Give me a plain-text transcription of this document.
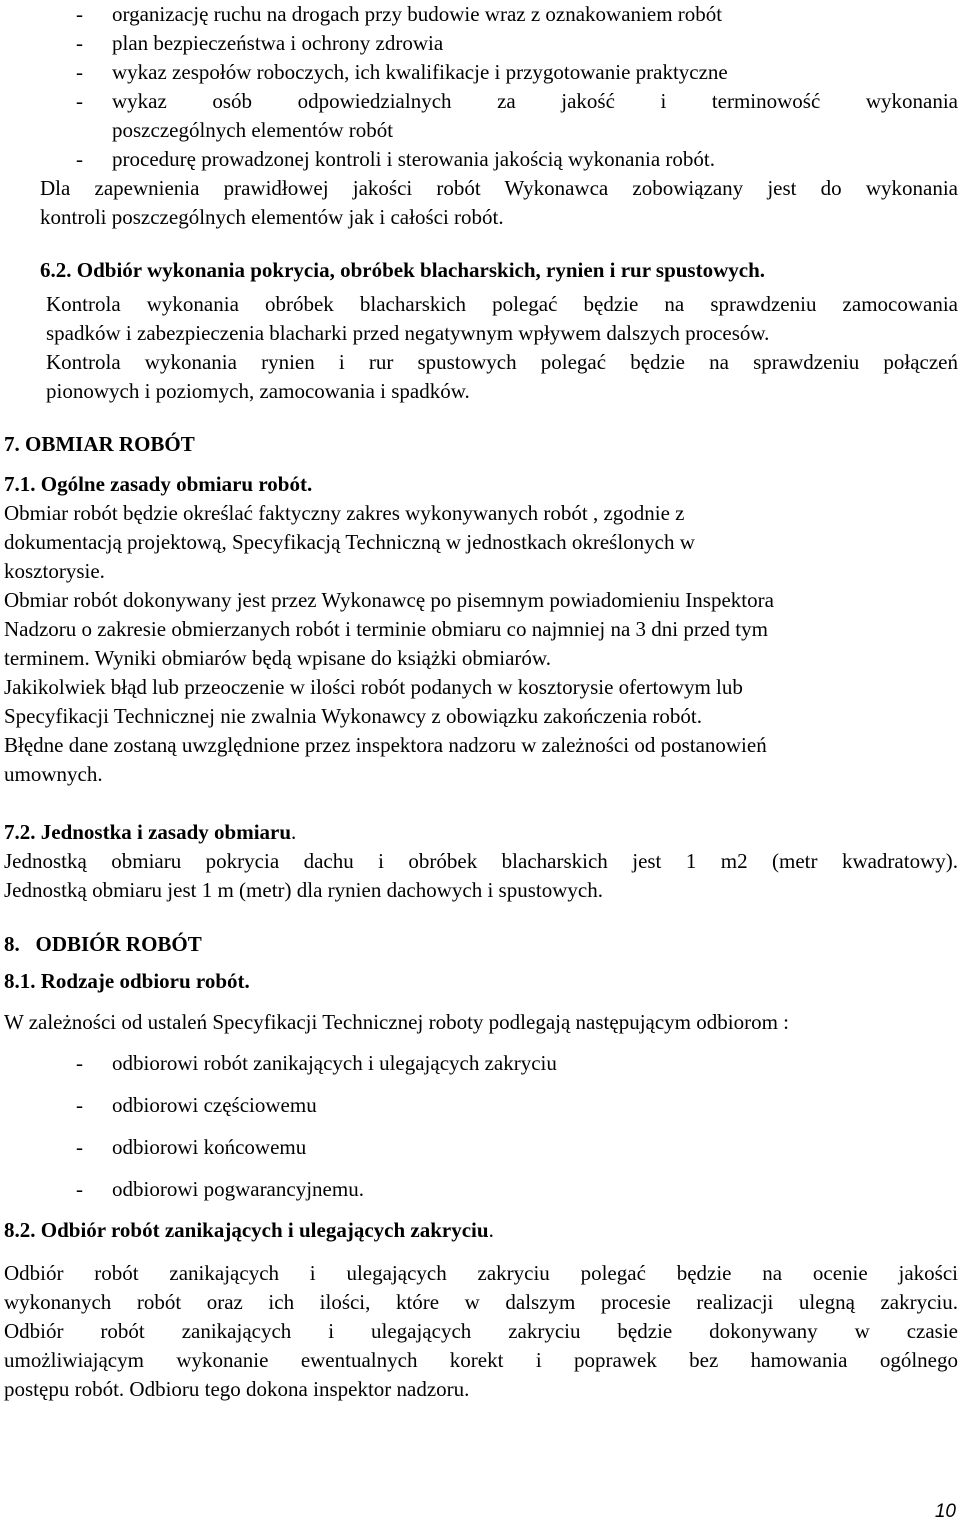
- organizację ruchu na drogach przy budowie wraz z oznakowaniem robót
- plan bezpieczeństwa i ochrony zdrowia
- wykaz zespołów roboczych, ich kwalifikacje i przygotowanie praktyczne
- wykaz osób odpowiedzialnych za jakość i terminowość wykonania
poszczególnych elementów robót
- procedurę prowadzonej kontroli i sterowania jakością wykonania robót.
Dla zapewnienia prawidłowej jakości robót Wykonawca zobowiązany jest do wykonania
kontroli poszczególnych elementów jak i całości robót.
6.2. Odbiór wykonania pokrycia, obróbek blacharskich, rynien i rur spustowych.
Kontrola wykonania obróbek blacharskich polegać będzie na sprawdzeniu zamocowania
spadków i zabezpieczenia blacharki przed negatywnym wpływem dalszych procesów.
Kontrola wykonania rynien i rur spustowych polegać będzie na sprawdzeniu połączeń
pionowych i poziomych, zamocowania i spadków.
7. OBMIAR ROBÓT
7.1. Ogólne zasady obmiaru robót.
Obmiar robót będzie określać faktyczny zakres wykonywanych robót , zgodnie z
dokumentacją projektową, Specyfikacją Techniczną w jednostkach określonych w
kosztorysie.
Obmiar robót dokonywany jest przez Wykonawcę po pisemnym powiadomieniu Inspektora
Nadzoru o zakresie obmierzanych robót i terminie obmiaru co najmniej na 3 dni przed tym
terminem. Wyniki obmiarów będą wpisane do książki obmiarów.
Jakikolwiek błąd lub przeoczenie w ilości robót podanych w kosztorysie ofertowym lub
Specyfikacji Technicznej nie zwalnia Wykonawcy z obowiązku zakończenia robót.
Błędne dane zostaną uwzględnione przez inspektora nadzoru w zależności od postanowień
umownych.
7.2. Jednostka i zasady obmiaru.
Jednostką obmiaru pokrycia dachu i obróbek blacharskich jest 1 m2 (metr kwadratowy).
Jednostką obmiaru jest 1 m (metr) dla rynien dachowych i spustowych.
8.   ODBIÓR ROBÓT
8.1. Rodzaje odbioru robót.
W zależności od ustaleń Specyfikacji Technicznej roboty podlegają następującym odbiorom :
- odbiorowi robót zanikających i ulegających zakryciu
- odbiorowi częściowemu
- odbiorowi końcowemu
- odbiorowi pogwarancyjnemu.
8.2. Odbiór robót zanikających i ulegających zakryciu.
Odbiór robót zanikających i ulegających zakryciu polegać będzie na ocenie jakości
wykonanych robót oraz ich ilości, które w dalszym procesie realizacji ulegną zakryciu.
Odbiór robót zanikających i ulegających zakryciu będzie dokonywany w czasie
umożliwiającym wykonanie ewentualnych korekt i poprawek bez hamowania ogólnego
postępu robót. Odbioru tego dokona inspektor nadzoru.
10
